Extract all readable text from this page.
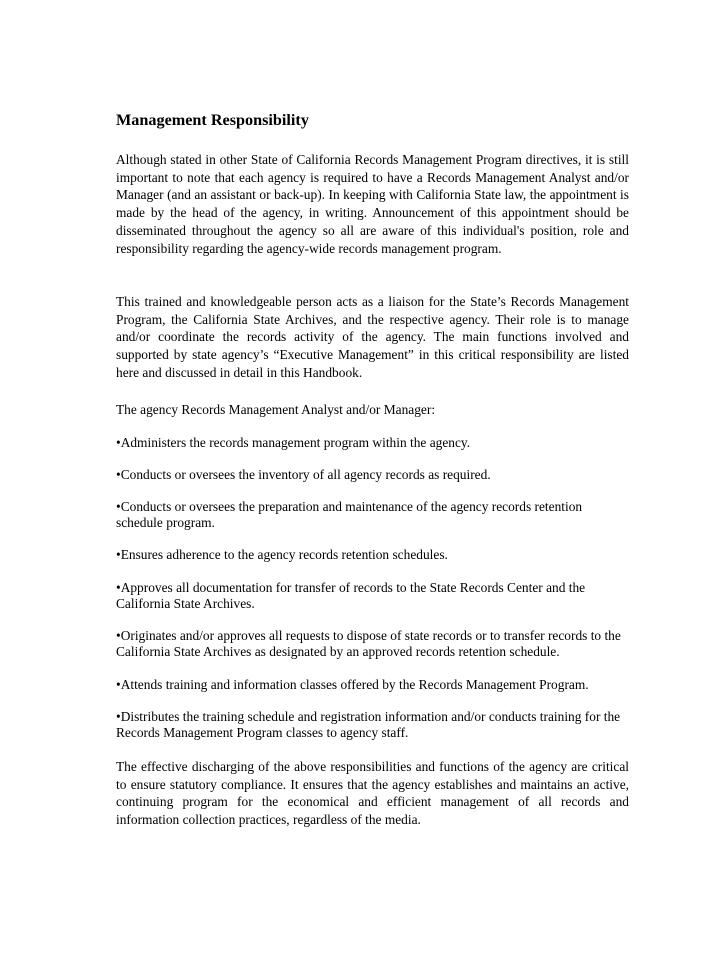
Management Responsibility

Although stated in other State of California Records Management Program directives, it is still important to note that each agency is required to have a Records Management Analyst and/or Manager (and an assistant or back-up). In keeping with California State law, the appointment is made by the head of the agency, in writing. Announcement of this appointment should be disseminated throughout the agency so all are aware of this individual's position, role and responsibility regarding the agency-wide records management program.

This trained and knowledgeable person acts as a liaison for the State’s Records Management Program, the California State Archives, and the respective agency. Their role is to manage and/or coordinate the records activity of the agency. The main functions involved and supported by state agency’s “Executive Management” in this critical responsibility are listed here and discussed in detail in this Handbook.

The agency Records Management Analyst and/or Manager:

•Administers the records management program within the agency.

•Conducts or oversees the inventory of all agency records as required.

•Conducts or oversees the preparation and maintenance of the agency records retention schedule program.

•Ensures adherence to the agency records retention schedules.

•Approves all documentation for transfer of records to the State Records Center and the California State Archives.

•Originates and/or approves all requests to dispose of state records or to transfer records to the California State Archives as designated by an approved records retention schedule.

•Attends training and information classes offered by the Records Management Program.

•Distributes the training schedule and registration information and/or conducts training for the Records Management Program classes to agency staff.

The effective discharging of the above responsibilities and functions of the agency are critical to ensure statutory compliance. It ensures that the agency establishes and maintains an active, continuing program for the economical and efficient management of all records and information collection practices, regardless of the media.
